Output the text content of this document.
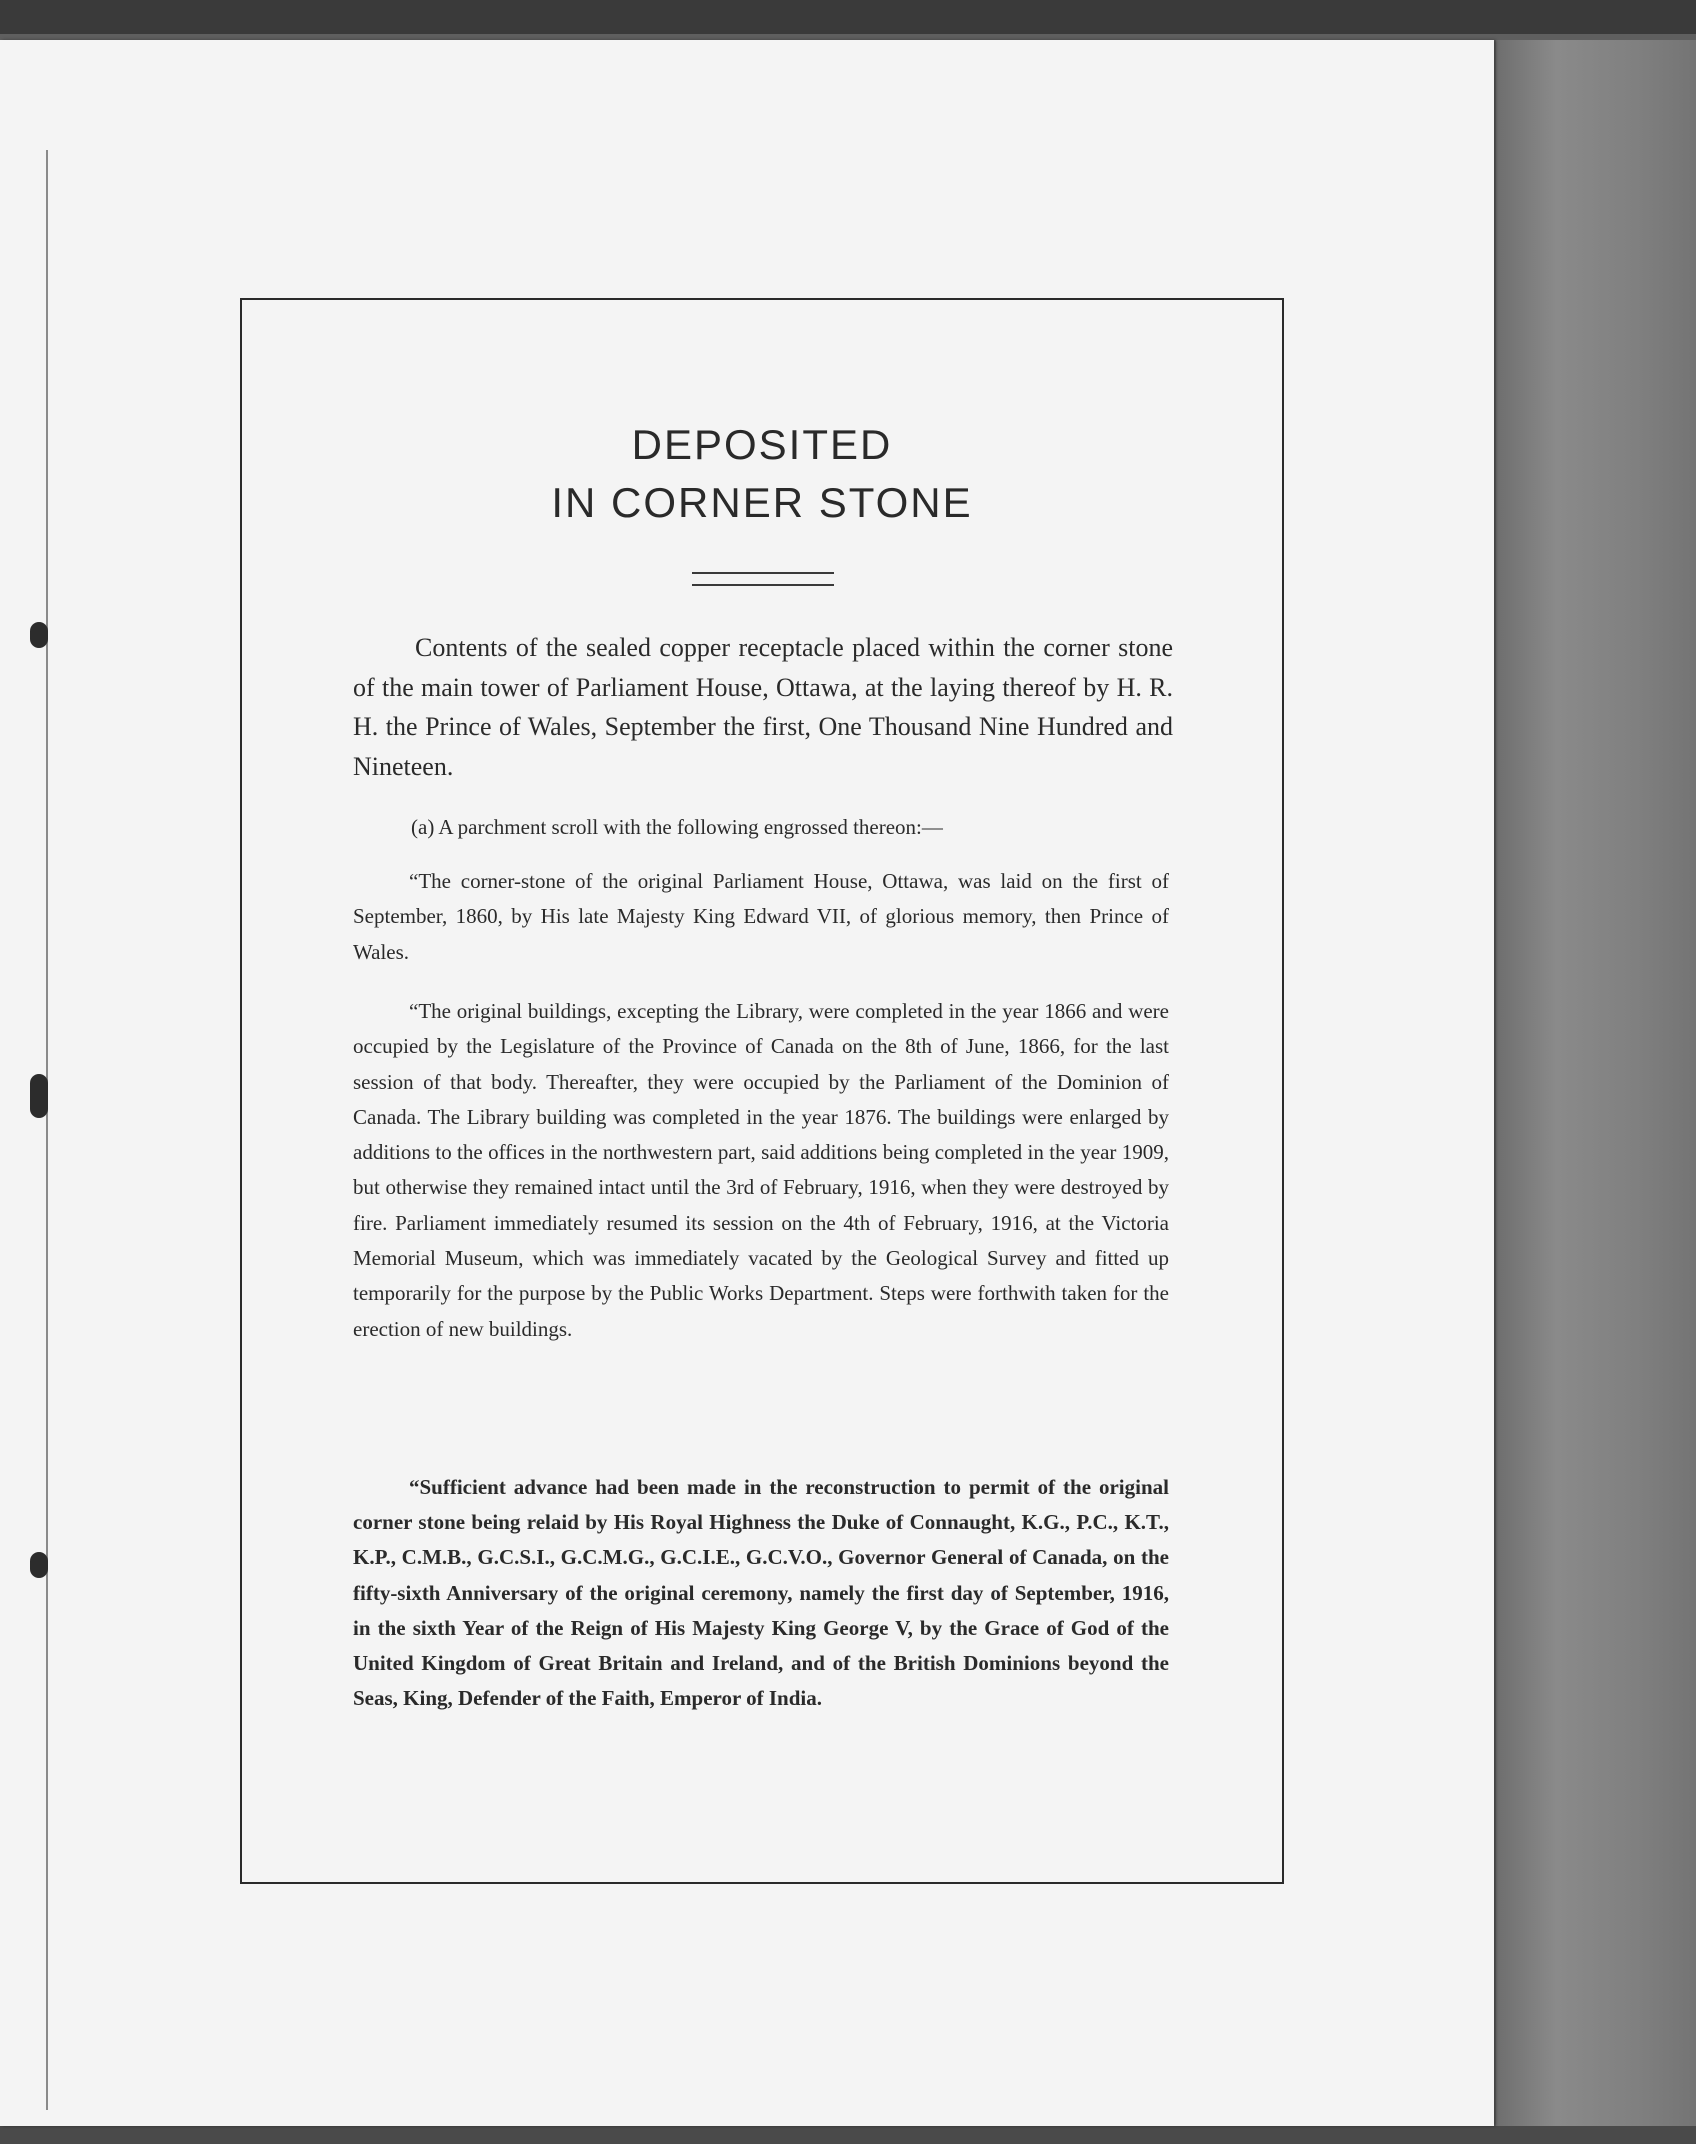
DEPOSITED
IN CORNER STONE

Contents of the sealed copper receptacle placed within the corner stone of the main tower of Parliament House, Ottawa, at the laying thereof by H. R. H. the Prince of Wales, September the first, One Thousand Nine Hundred and Nineteen.

(a) A parchment scroll with the following engrossed thereon:—

“The corner-stone of the original Parliament House, Ottawa, was laid on the first of September, 1860, by His late Majesty King Edward VII, of glorious memory, then Prince of Wales.

“The original buildings, excepting the Library, were completed in the year 1866 and were occupied by the Legislature of the Province of Canada on the 8th of June, 1866, for the last session of that body. Thereafter, they were occupied by the Parliament of the Dominion of Canada. The Library building was completed in the year 1876. The buildings were enlarged by additions to the offices in the northwestern part, said additions being completed in the year 1909, but otherwise they remained intact until the 3rd of February, 1916, when they were destroyed by fire. Parliament immediately resumed its session on the 4th of February, 1916, at the Victoria Memorial Museum, which was immediately vacated by the Geological Survey and fitted up temporarily for the purpose by the Public Works Department. Steps were forthwith taken for the erection of new buildings.

“Sufficient advance had been made in the reconstruction to permit of the original corner stone being relaid by His Royal Highness the Duke of Connaught, K.G., P.C., K.T., K.P., C.M.B., G.C.S.I., G.C.M.G., G.C.I.E., G.C.V.O., Governor General of Canada, on the fifty-sixth Anniversary of the original ceremony, namely the first day of September, 1916, in the sixth Year of the Reign of His Majesty King George V, by the Grace of God of the United Kingdom of Great Britain and Ireland, and of the British Dominions beyond the Seas, King, Defender of the Faith, Emperor of India.
